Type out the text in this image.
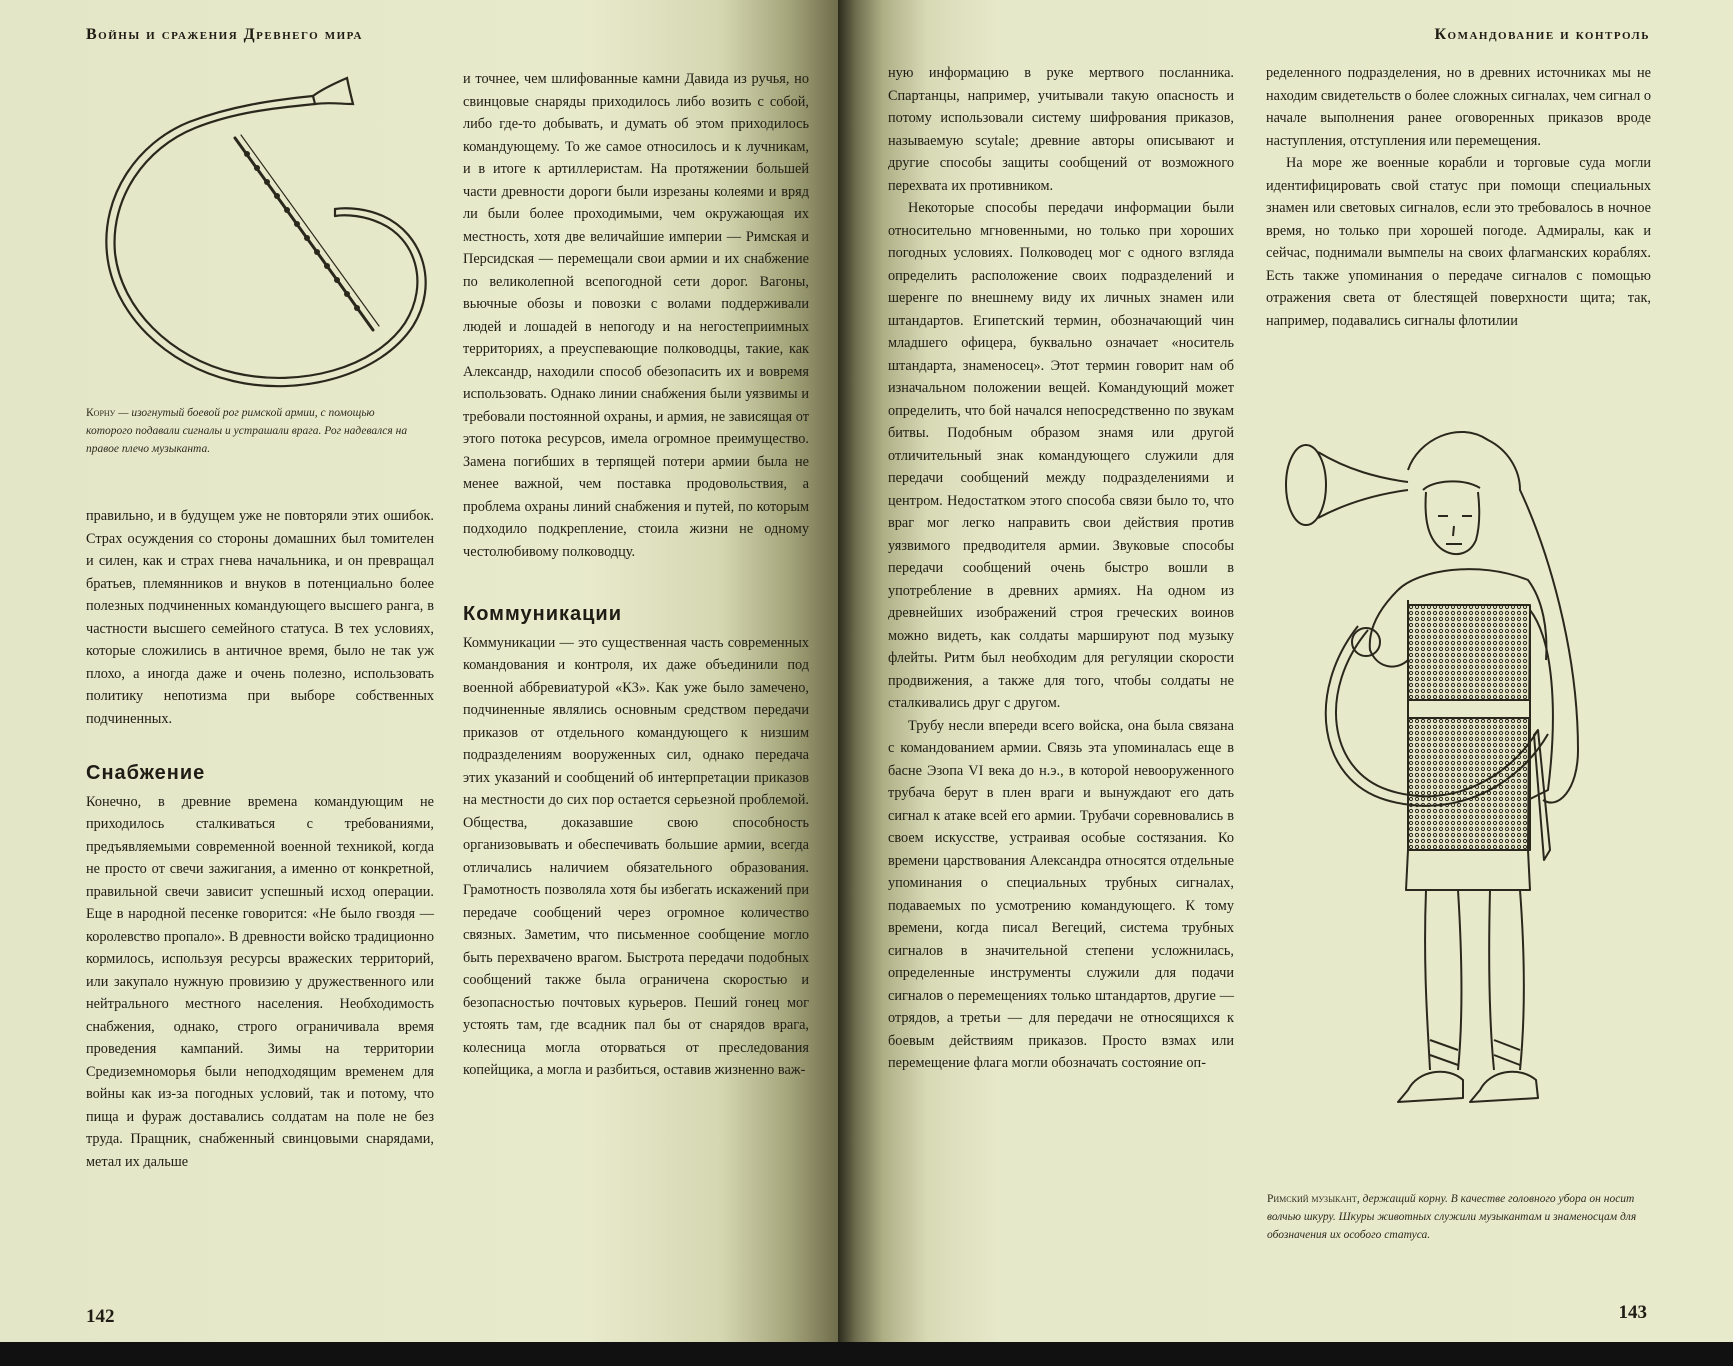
Войны и сражения Древнего мира
Корну — изогнутый боевой рог римской армии, с помощью которого подавали сигналы и устрашали врага. Рог надевался на правое плечо музыканта.

правильно, и в будущем уже не повторяли этих ошибок. Страх осуждения со стороны домашних был томителен и силен, как и страх гнева начальника, и он превращал братьев, племянников и внуков в потенциально более полезных подчиненных командующего высшего ранга, в частности высшего семейного статуса. В тех условиях, которые сложились в античное время, было не так уж плохо, а иногда даже и очень полезно, использовать политику непотизма при выборе собственных подчиненных.

Снабжение

Конечно, в древние времена командующим не приходилось сталкиваться с требованиями, предъявляемыми современной военной техникой, когда не просто от свечи зажигания, а именно от конкретной, правильной свечи зависит успешный исход операции. Еще в народной песенке говорится: «Не было гвоздя — королевство пропало». В древности войско традиционно кормилось, используя ресурсы вражеских территорий, или закупало нужную провизию у дружественного или нейтрального местного населения. Необходимость снабжения, однако, строго ограничивала время проведения кампаний. Зимы на территории Средиземноморья были неподходящим временем для войны как из-за погодных условий, так и потому, что пища и фураж доставались солдатам на поле не без труда. Пращник, снабженный свинцовыми снарядами, метал их дальше

и точнее, чем шлифованные камни Давида из ручья, но свинцовые снаряды приходилось либо возить с собой, либо где-то добывать, и думать об этом приходилось командующему. То же самое относилось и к лучникам, и в итоге к артиллеристам. На протяжении большей части древности дороги были изрезаны колеями и вряд ли были более проходимыми, чем окружающая их местность, хотя две величайшие империи — Римская и Персидская — перемещали свои армии и их снабжение по великолепной всепогодной сети дорог. Вагоны, вьючные обозы и повозки с волами поддерживали людей и лошадей в непогоду и на негостеприимных территориях, а преуспевающие полководцы, такие, как Александр, находили способ обезопасить их и вовремя использовать. Однако линии снабжения были уязвимы и требовали постоянной охраны, и армия, не зависящая от этого потока ресурсов, имела огромное преимущество. Замена погибших в терпящей потери армии была не менее важной, чем поставка продовольствия, а проблема охраны линий снабжения и путей, по которым подходило подкрепление, стоила жизни не одному честолюбивому полководцу.

Коммуникации

Коммуникации — это существенная часть современных командования и контроля, их даже объединили под военной аббревиатурой «К3». Как уже было замечено, подчиненные являлись основным средством передачи приказов от отдельного командующего к низшим подразделениям вооруженных сил, однако передача этих указаний и сообщений об интерпретации приказов на местности до сих пор остается серьезной проблемой. Общества, доказавшие свою способность организовывать и обеспечивать большие армии, всегда отличались наличием обязательного образования. Грамотность позволяла хотя бы избегать искажений при передаче сообщений через огромное количество связных. Заметим, что письменное сообщение могло быть перехвачено врагом. Быстрота передачи подобных сообщений также была ограничена скоростью и безопасностью почтовых курьеров. Пеший гонец мог устоять там, где всадник пал бы от снарядов врага, колесница могла оторваться от преследования копейщика, а могла и разбиться, оставив жизненно важ-

142
Командование и контроль

ную информацию в руке мертвого посланника. Спартанцы, например, учитывали такую опасность и потому использовали систему шифрования приказов, называемую scytale; древние авторы описывают и другие способы защиты сообщений от возможного перехвата их противником.

Некоторые способы передачи информации были относительно мгновенными, но только при хороших погодных условиях. Полководец мог с одного взгляда определить расположение своих подразделений и шеренге по внешнему виду их личных знамен или штандартов. Египетский термин, обозначающий чин младшего офицера, буквально означает «носитель штандарта, знаменосец». Этот термин говорит нам об изначальном положении вещей. Командующий может определить, что бой начался непосредственно по звукам битвы. Подобным образом знамя или другой отличительный знак командующего служили для передачи сообщений между подразделениями и центром. Недостатком этого способа связи было то, что враг мог легко направить свои действия против уязвимого предводителя армии. Звуковые способы передачи сообщений очень быстро вошли в употребление в древних армиях. На одном из древнейших изображений строя греческих воинов можно видеть, как солдаты маршируют под музыку флейты. Ритм был необходим для регуляции скорости продвижения, а также для того, чтобы солдаты не сталкивались друг с другом.

Трубу несли впереди всего войска, она была связана с командованием армии. Связь эта упоминалась еще в басне Эзопа VI века до н.э., в которой невооруженного трубача берут в плен враги и вынуждают его дать сигнал к атаке всей его армии. Трубачи соревновались в своем искусстве, устраивая особые состязания. Ко времени царствования Александра относятся отдельные упоминания о специальных трубных сигналах, подаваемых по усмотрению командующего. К тому времени, когда писал Вегеций, система трубных сигналов в значительной степени усложнилась, определенные инструменты служили для подачи сигналов о перемещениях только штандартов, другие — отрядов, а третьи — для передачи не относящихся к боевым действиям приказов. Просто взмах или перемещение флага могли обозначать состояние оп-

ределенного подразделения, но в древних источниках мы не находим свидетельств о более сложных сигналах, чем сигнал о начале выполнения ранее оговоренных приказов вроде наступления, отступления или перемещения.

На море же военные корабли и торговые суда могли идентифицировать свой статус при помощи специальных знамен или световых сигналов, если это требовалось в ночное время, но только при хорошей погоде. Адмиралы, как и сейчас, поднимали вымпелы на своих флагманских кораблях. Есть также упоминания о передаче сигналов с помощью отражения света от блестящей поверхности щита; так, например, подавались сигналы флотилии

Римский музыкант, держащий корну. В качестве головного убора он носит волчью шкуру. Шкуры животных служили музыкантам и знаменосцам для обозначения их особого статуса.
143
